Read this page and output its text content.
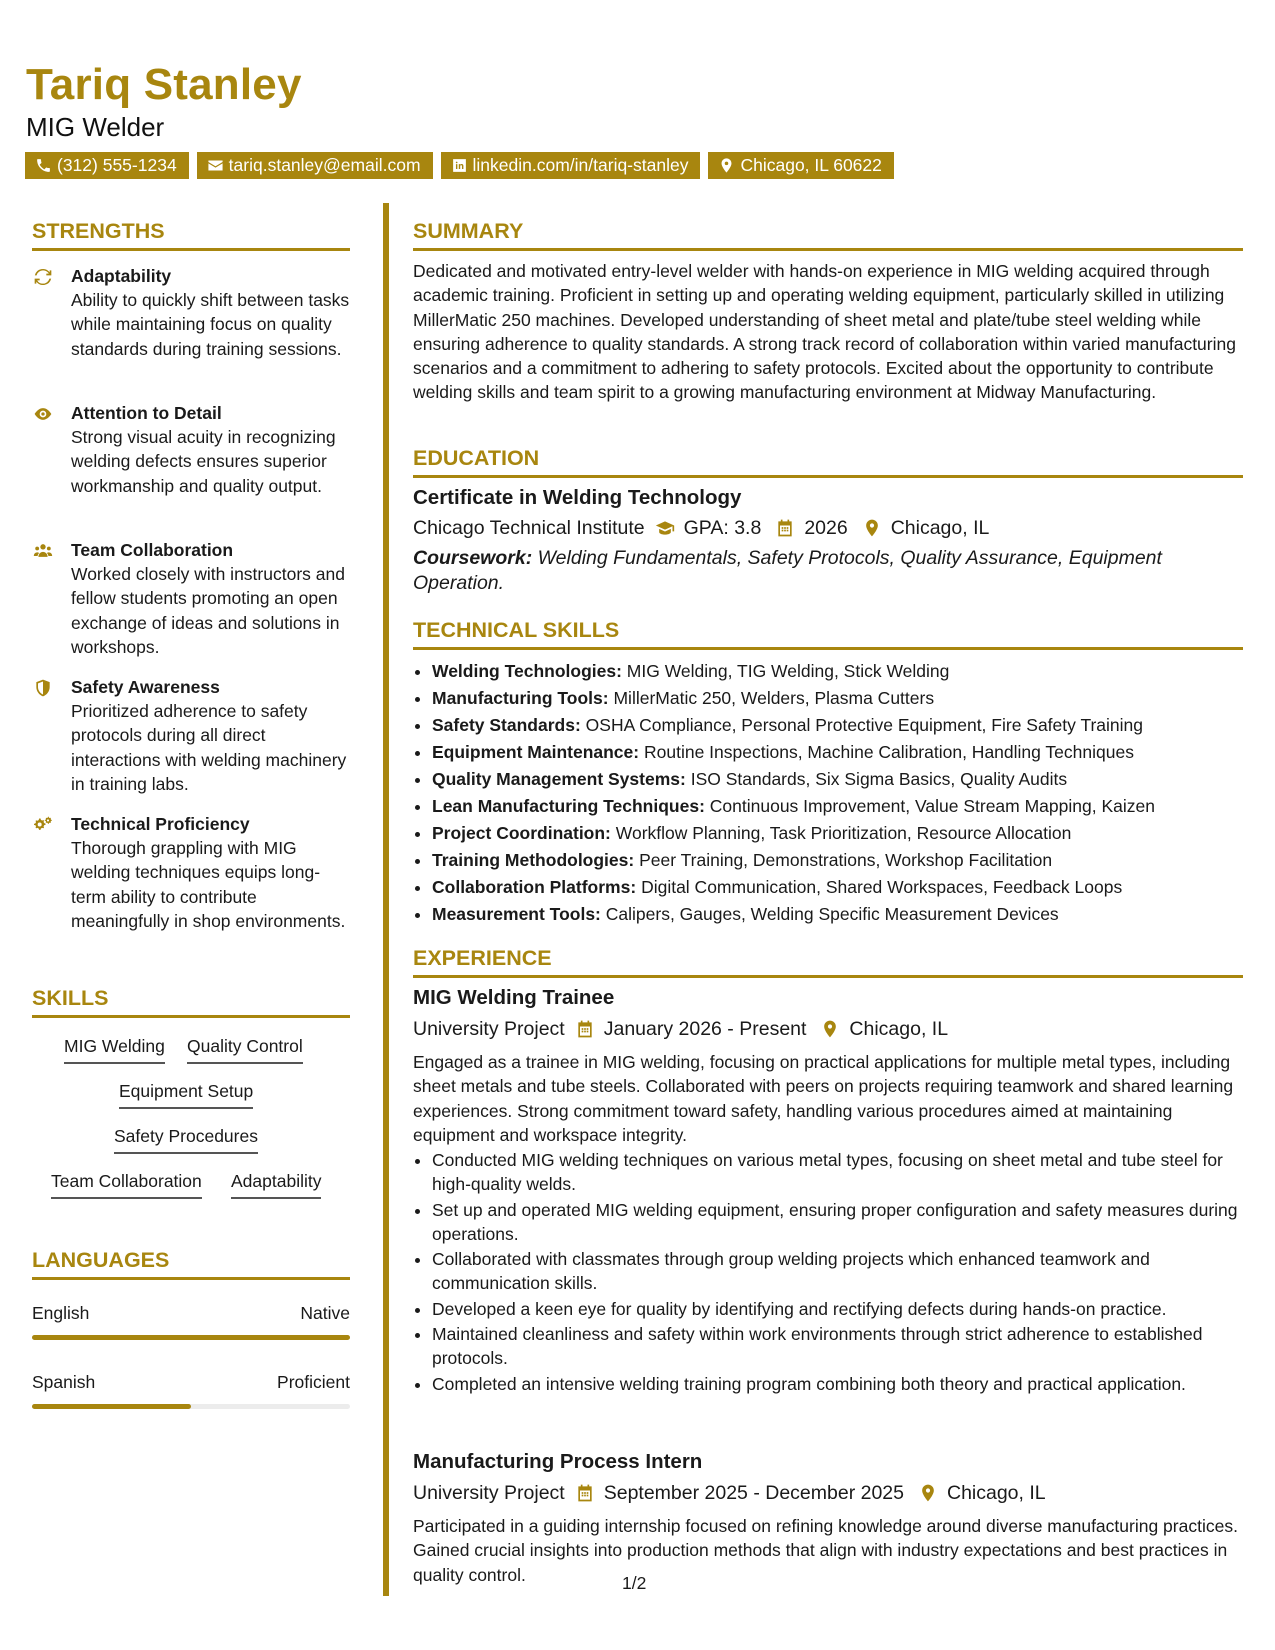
Tariq Stanley
MIG Welder
(312) 555-1234	tariq.stanley@email.com	linkedin.com/in/tariq-stanley	Chicago, IL 60622
STRENGTHS
Adaptability
Ability to quickly shift between tasks while maintaining focus on quality standards during training sessions.
Attention to Detail
Strong visual acuity in recognizing welding defects ensures superior workmanship and quality output.
Team Collaboration
Worked closely with instructors and fellow students promoting an open exchange of ideas and solutions in workshops.
Safety Awareness
Prioritized adherence to safety protocols during all direct interactions with welding machinery in training labs.
Technical Proficiency
Thorough grappling with MIG welding techniques equips long-term ability to contribute meaningfully in shop environments.
SKILLS
MIG Welding Quality Control
Equipment Setup
Safety Procedures
Team Collaboration Adaptability
LANGUAGES
English	Native
Spanish	Proficient
SUMMARY
Dedicated and motivated entry-level welder with hands-on experience in MIG welding acquired through academic training. Proficient in setting up and operating welding equipment, particularly skilled in utilizing MillerMatic 250 machines. Developed understanding of sheet metal and plate/tube steel welding while ensuring adherence to quality standards. A strong track record of collaboration within varied manufacturing scenarios and a commitment to adhering to safety protocols. Excited about the opportunity to contribute welding skills and team spirit to a growing manufacturing environment at Midway Manufacturing.
EDUCATION
Certificate in Welding Technology
Chicago Technical Institute GPA: 3.8 2026 Chicago, IL
Coursework: Welding Fundamentals, Safety Protocols, Quality Assurance, Equipment Operation.
TECHNICAL SKILLS
• Welding Technologies: MIG Welding, TIG Welding, Stick Welding
• Manufacturing Tools: MillerMatic 250, Welders, Plasma Cutters
• Safety Standards: OSHA Compliance, Personal Protective Equipment, Fire Safety Training
• Equipment Maintenance: Routine Inspections, Machine Calibration, Handling Techniques
• Quality Management Systems: ISO Standards, Six Sigma Basics, Quality Audits
• Lean Manufacturing Techniques: Continuous Improvement, Value Stream Mapping, Kaizen
• Project Coordination: Workflow Planning, Task Prioritization, Resource Allocation
• Training Methodologies: Peer Training, Demonstrations, Workshop Facilitation
• Collaboration Platforms: Digital Communication, Shared Workspaces, Feedback Loops
• Measurement Tools: Calipers, Gauges, Welding Specific Measurement Devices
EXPERIENCE
MIG Welding Trainee
University Project January 2026 - Present Chicago, IL
Engaged as a trainee in MIG welding, focusing on practical applications for multiple metal types, including sheet metals and tube steels. Collaborated with peers on projects requiring teamwork and shared learning experiences. Strong commitment toward safety, handling various procedures aimed at maintaining equipment and workspace integrity.
• Conducted MIG welding techniques on various metal types, focusing on sheet metal and tube steel for high-quality welds.
• Set up and operated MIG welding equipment, ensuring proper configuration and safety measures during operations.
• Collaborated with classmates through group welding projects which enhanced teamwork and communication skills.
• Developed a keen eye for quality by identifying and rectifying defects during hands-on practice.
• Maintained cleanliness and safety within work environments through strict adherence to established protocols.
• Completed an intensive welding training program combining both theory and practical application.
Manufacturing Process Intern
University Project September 2025 - December 2025 Chicago, IL
Participated in a guiding internship focused on refining knowledge around diverse manufacturing practices. Gained crucial insights into production methods that align with industry expectations and best practices in quality control.	1/2
